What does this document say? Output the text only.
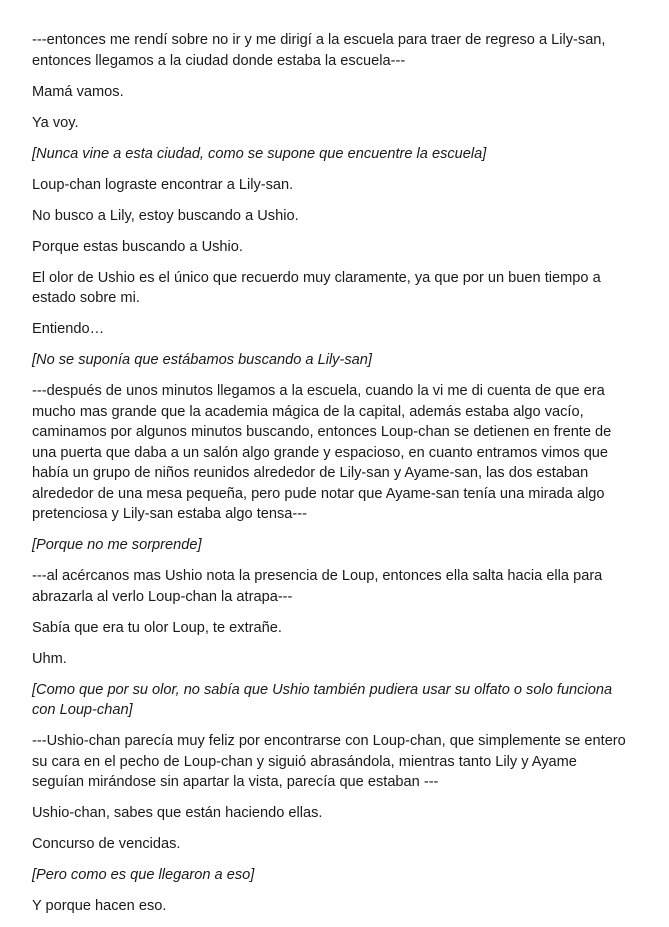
---entonces me rendí sobre no ir y me dirigí a la escuela para traer de regreso a Lily-san, entonces llegamos a la ciudad donde estaba la escuela---

Mamá vamos.

Ya voy.

[Nunca vine a esta ciudad, como se supone que encuentre la escuela]

Loup-chan lograste encontrar a Lily-san.

No busco a Lily, estoy buscando a Ushio.

Porque estas buscando a Ushio.

El olor de Ushio es el único que recuerdo muy claramente, ya que por un buen tiempo a estado sobre mi.

Entiendo…

[No se suponía que estábamos buscando a Lily-san]

---después de unos minutos llegamos a la escuela, cuando la vi me di cuenta de que era mucho mas grande que la academia mágica de la capital, además estaba algo vacío, caminamos por algunos minutos buscando, entonces Loup-chan se detienen en frente de una puerta que daba a un salón algo grande y espacioso, en cuanto entramos vimos que había un grupo de niños reunidos alrededor de Lily-san y Ayame-san, las dos estaban alrededor de una mesa pequeña, pero pude notar que Ayame-san tenía una mirada algo pretenciosa y Lily-san estaba algo tensa---

[Porque no me sorprende]

---al acércanos mas Ushio nota la presencia de Loup, entonces ella salta hacia ella para abrazarla al verlo Loup-chan la atrapa---

Sabía que era tu olor Loup, te extrañe.

Uhm.

[Como que por su olor, no sabía que Ushio también pudiera usar su olfato o solo funciona con Loup-chan]

---Ushio-chan parecía muy feliz por encontrarse con Loup-chan, que simplemente se entero su cara en el pecho de Loup-chan y siguió abrasándola, mientras tanto Lily y Ayame seguían mirándose sin apartar la vista, parecía que estaban ---

Ushio-chan, sabes que están haciendo ellas.

Concurso de vencidas.

[Pero como es que llegaron a eso]

Y porque hacen eso.
